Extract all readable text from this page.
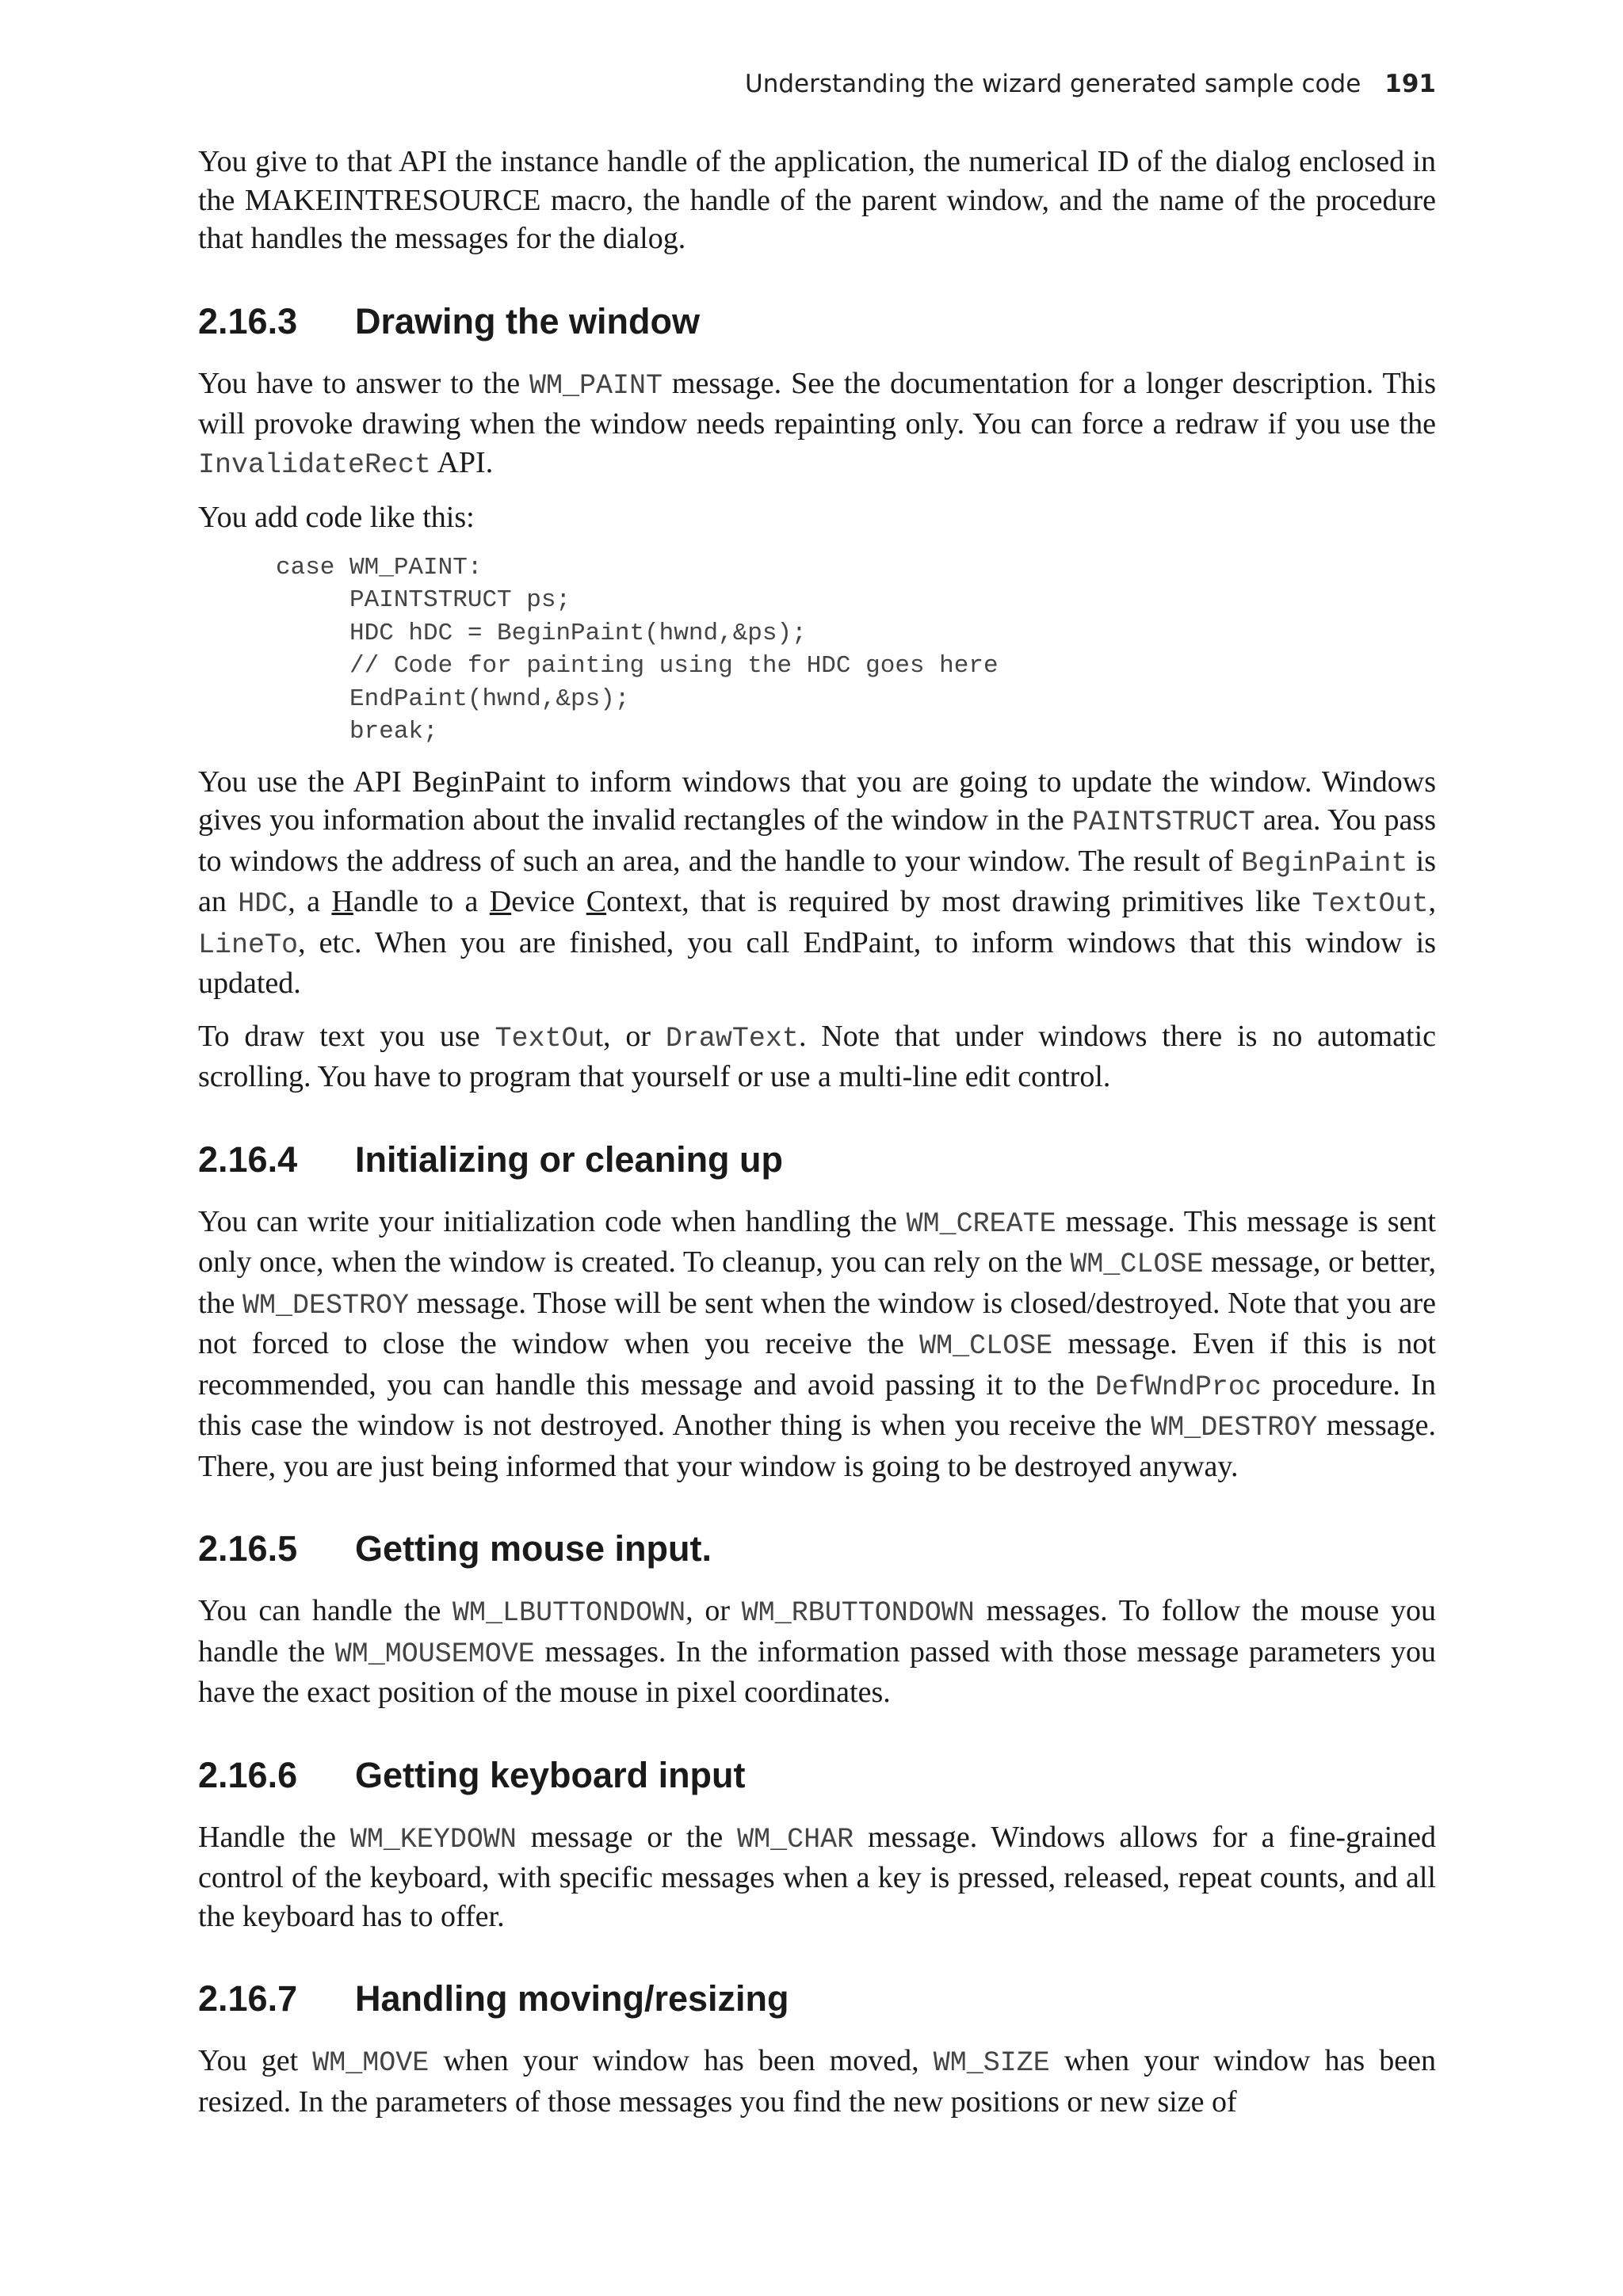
Understanding the wizard generated sample code 191

You give to that API the instance handle of the application, the numerical ID of the dialog enclosed in the MAKEINTRESOURCE macro, the handle of the parent window, and the name of the procedure that handles the messages for the dialog.

2.16.3 Drawing the window

You have to answer to the WM_PAINT message. See the documentation for a longer description. This will provoke drawing when the window needs repainting only. You can force a redraw if you use the InvalidateRect API.

You add code like this:

case WM_PAINT:
PAINTSTRUCT ps;
HDC hDC = BeginPaint(hwnd,&ps);
// Code for painting using the HDC goes here
EndPaint(hwnd,&ps);
break;

You use the API BeginPaint to inform windows that you are going to update the window. Windows gives you information about the invalid rectangles of the window in the PAINTSTRUCT area. You pass to windows the address of such an area, and the handle to your window. The result of BeginPaint is an HDC, a Handle to a Device Context, that is required by most drawing primitives like TextOut, LineTo, etc. When you are finished, you call EndPaint, to inform windows that this window is updated.

To draw text you use TextOut, or DrawText. Note that under windows there is no automatic scrolling. You have to program that yourself or use a multi-line edit control.

2.16.4 Initializing or cleaning up

You can write your initialization code when handling the WM_CREATE message. This message is sent only once, when the window is created. To cleanup, you can rely on the WM_CLOSE message, or better, the WM_DESTROY message. Those will be sent when the window is closed/destroyed. Note that you are not forced to close the window when you receive the WM_CLOSE message. Even if this is not recommended, you can handle this message and avoid passing it to the DefWndProc procedure. In this case the window is not destroyed. Another thing is when you receive the WM_DESTROY message. There, you are just being informed that your window is going to be destroyed anyway.

2.16.5 Getting mouse input.

You can handle the WM_LBUTTONDOWN, or WM_RBUTTONDOWN messages. To follow the mouse you handle the WM_MOUSEMOVE messages. In the information passed with those message parameters you have the exact position of the mouse in pixel coordinates.

2.16.6 Getting keyboard input

Handle the WM_KEYDOWN message or the WM_CHAR message. Windows allows for a fine-grained control of the keyboard, with specific messages when a key is pressed, released, repeat counts, and all the keyboard has to offer.

2.16.7 Handling moving/resizing

You get WM_MOVE when your window has been moved, WM_SIZE when your window has been resized. In the parameters of those messages you find the new positions or new size of
